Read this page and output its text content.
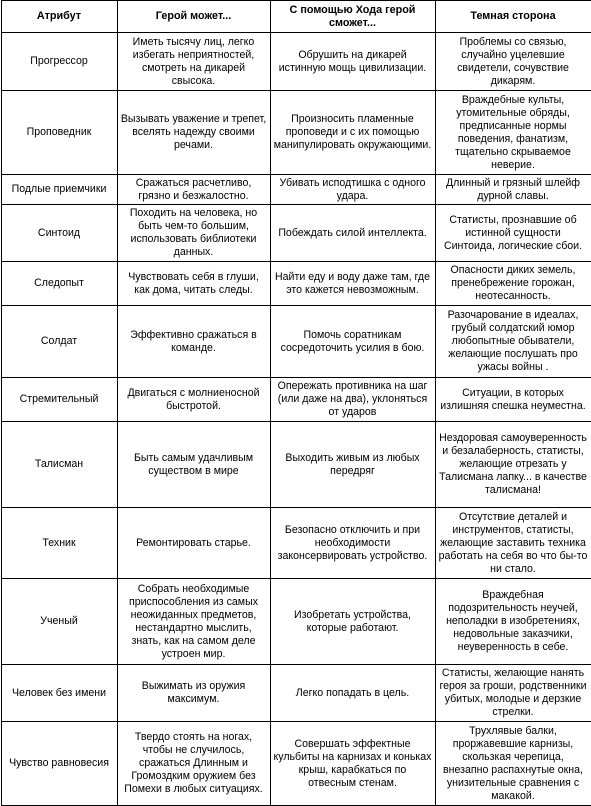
Атрибут	Герой может...	С помощью Хода герой сможет...	Темная сторона
Прогрессор	Иметь тысячу лиц, легко избегать неприятностей, смотреть на дикарей свысока.	Обрушить на дикарей истинную мощь цивилизации.	Проблемы со связью, случайно уцелевшие свидетели, сочувствие дикарям.
Проповедник	Вызывать уважение и трепет, вселять надежду своими речами.	Произносить пламенные проповеди и с их помощью манипулировать окружающими.	Враждебные культы, утомительные обряды, предписанные нормы поведения, фанатизм, тщательно скрываемое неверие.
Подлые приемчики	Сражаться расчетливо, грязно и безжалостно.	Убивать исподтишка с одного удара.	Длинный и грязный шлейф дурной славы.
Синтоид	Походить на человека, но быть чем-то большим, использовать библиотеки данных.	Побеждать силой интеллекта.	Статисты, прознавшие об истинной сущности Синтоида, логические сбои.
Следопыт	Чувствовать себя в глуши, как дома, читать следы.	Найти еду и воду даже там, где это кажется невозможным.	Опасности диких земель, пренебрежение горожан, неотесанность.
Солдат	Эффективно сражаться в команде.	Помочь соратникам сосредоточить усилия в бою.	Разочарование в идеалах, грубый солдатский юмор любопытные обыватели, желающие послушать про ужасы войны .
Стремительный	Двигаться с молниеносной быстротой.	Опережать противника на шаг (или даже на два), уклоняться от ударов	Ситуации, в которых излишняя спешка неуместна.
Талисман	Быть самым удачливым существом в мире	Выходить живым из любых передряг	Нездоровая самоуверенность и безалаберность, статисты, желающие отрезать у Талисмана лапку... в качестве талисмана!
Техник	Ремонтировать старье.	Безопасно отключить и при необходимости законсервировать устройство.	Отсутствие деталей и инструментов, статисты, желающие заставить техника работать на себя во что бы-то ни стало.
Ученый	Собрать необходимые приспособления из самых неожиданных предметов, нестандартно мыслить, знать, как на самом деле устроен мир.	Изобретать устройства, которые работают.	Враждебная подозрительность неучей, неполадки в изобретениях, недовольные заказчики, неуверенность в себе.
Человек без имени	Выжимать из оружия максимум.	Легко попадать в цель.	Статисты, желающие нанять героя за гроши, родственники убитых, молодые и дерзкие стрелки.
Чувство равновесия	Твердо стоять на ногах, чтобы не случилось, сражаться Длинным и Громоздким оружием без Помехи в любых ситуациях.	Совершать эффектные кульбиты на карнизах и коньках крыш, карабкаться по отвесным стенам.	Трухлявые балки, проржавевшие карнизы, скользкая черепица, внезапно распахнутые окна, унизительные сравнения с макакой.
